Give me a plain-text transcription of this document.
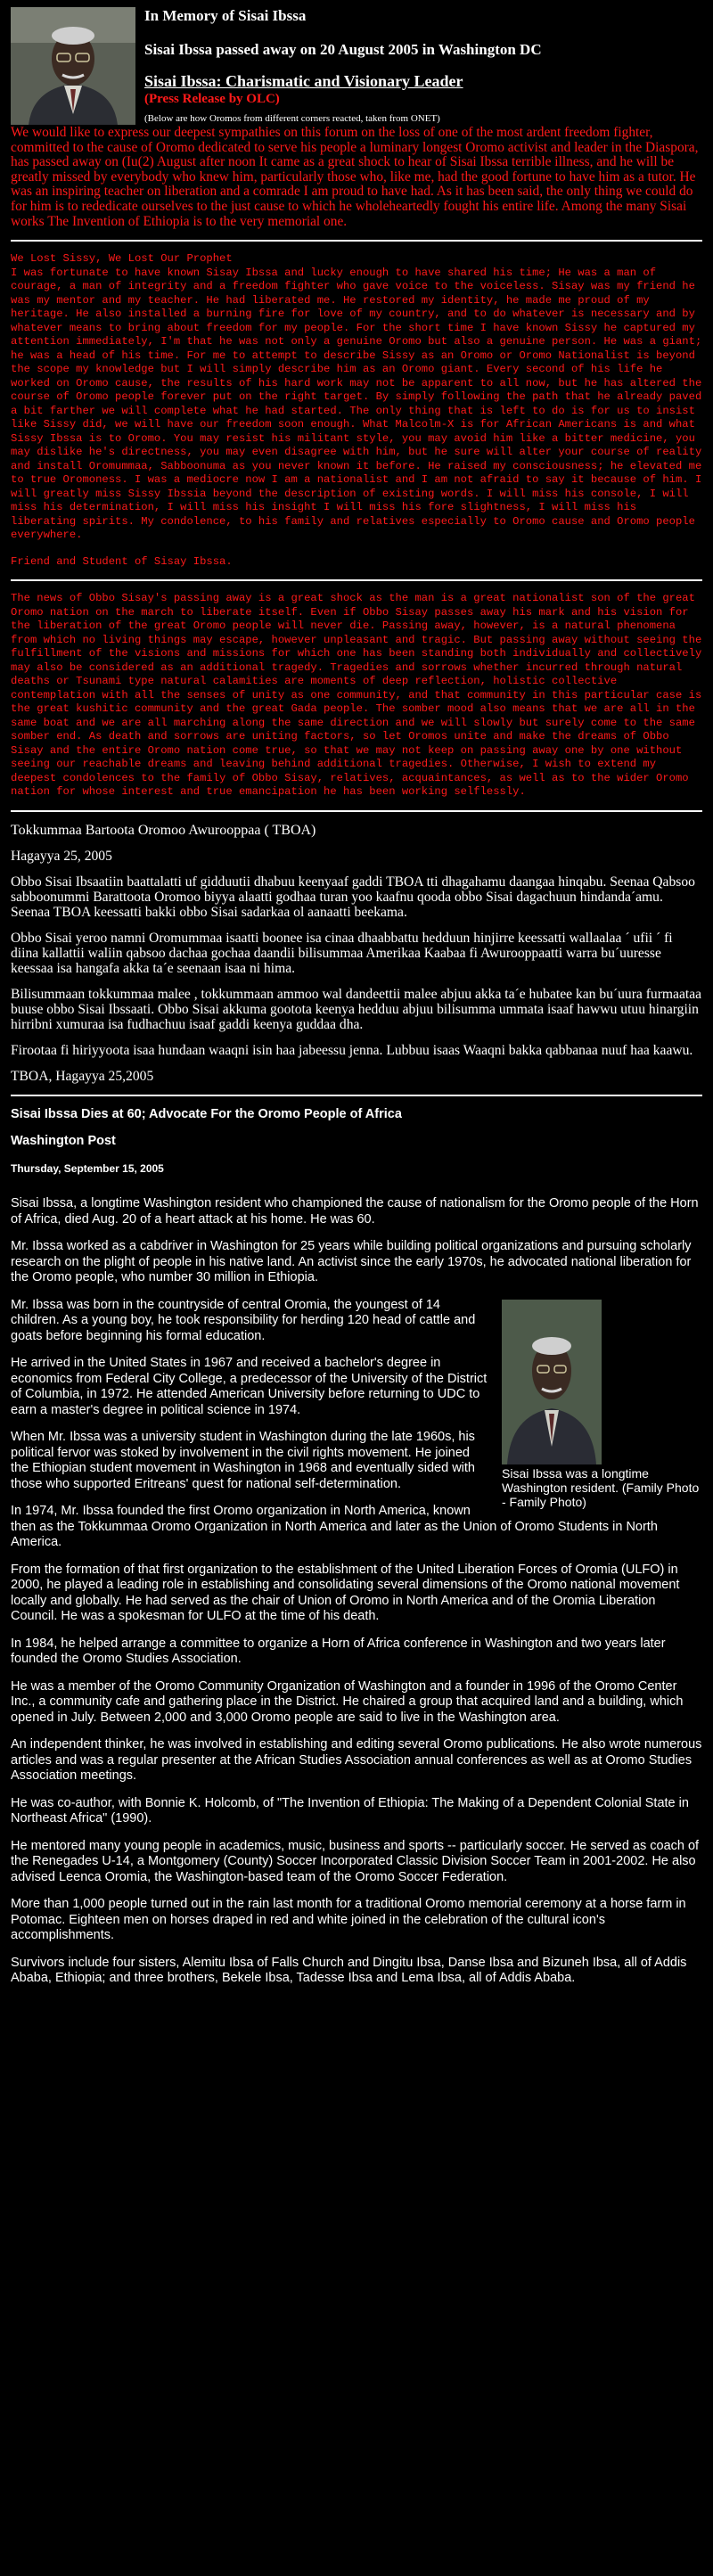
In Memory of Sisai Ibssa
Sisai Ibssa passed away on 20 August 2005 in Washington DC
Sisai Ibssa: Charismatic and Visionary Leader
(Press Release by OLC)
(Below are how Oromos from different corners reacted, taken from ONET)

We would like to express our deepest sympathies on this forum on the loss of one of the most ardent freedom fighter, committed to the cause of Oromo dedicated to serve his people a luminary longest Oromo activist and leader in the Diaspora, has passed away on (Iu(2) August after noon It came as a great shock to hear of Sisai Ibssa terrible illness, and he will be greatly missed by everybody who knew him, particularly those who, like me, had the good fortune to have him as a tutor. He was an inspiring teacher on liberation and a comrade I am proud to have had. As it has been said, the only thing we could do for him is to rededicate ourselves to the just cause to which he wholeheartedly fought his entire life. Among the many Sisai works The Invention of Ethiopia is to the very memorial one.

We Lost Sissy, We Lost Our Prophet

I was fortunate to have known Sisay Ibssa and lucky enough to have shared his time; He was a man of courage, a man of integrity and a freedom fighter who gave voice to the voiceless. Sisay was my friend he was my mentor and my teacher. He had liberated me. He restored my identity, he made me proud of my heritage. He also installed a burning fire for love of my country, and to do whatever is necessary and by whatever means to bring about freedom for my people. For the short time I have known Sissy he captured my attention immediately, I'm that he was not only a genuine Oromo but also a genuine person. He was a giant; he was a head of his time. For me to attempt to describe Sissy as an Oromo or Oromo Nationalist is beyond the scope my knowledge but I will simply describe him as an Oromo giant. Every second of his life he worked on Oromo cause, the results of his hard work may not be apparent to all now, but he has altered the course of Oromo people forever put on the right target. By simply following the path that he already paved a bit farther we will complete what he had started. The only thing that is left to do is for us to insist like Sissy did, we will have our freedom soon enough. What Malcolm-X is for African Americans is and what Sissy Ibssa is to Oromo. You may resist his militant style, you may avoid him like a bitter medicine, you may dislike he's directness, you may even disagree with him, but he sure will alter your course of reality and install Oromummaa, Sabboonuma as you never known it before. He raised my consciousness; he elevated me to true Oromoness. I was a mediocre now I am a nationalist and I am not afraid to say it because of him. I will greatly miss Sissy Ibssia beyond the description of existing words. I will miss his console, I will miss his determination, I will miss his insight I will miss his fore slightness, I will miss his liberating spirits. My condolence, to his family and relatives especially to Oromo cause and Oromo people everywhere.

Friend and Student of Sisay Ibssa.

The news of Obbo Sisay's passing away is a great shock as the man is a great nationalist son of the great Oromo nation on the march to liberate itself. Even if Obbo Sisay passes away his mark and his vision for the liberation of the great Oromo people will never die. Passing away, however, is a natural phenomena from which no living things may escape, however unpleasant and tragic. But passing away without seeing the fulfillment of the visions and missions for which one has been standing both individually and collectively may also be considered as an additional tragedy. Tragedies and sorrows whether incurred through natural deaths or Tsunami type natural calamities are moments of deep reflection, holistic collective contemplation with all the senses of unity as one community, and that community in this particular case is the great kushitic community and the great Gada people. The somber mood also means that we are all in the same boat and we are all marching along the same direction and we will slowly but surely come to the same somber end. As death and sorrows are uniting factors, so let Oromos unite and make the dreams of Obbo Sisay and the entire Oromo nation come true, so that we may not keep on passing away one by one without seeing our reachable dreams and leaving behind additional tragedies. Otherwise, I wish to extend my deepest condolences to the family of Obbo Sisay, relatives, acquaintances, as well as to the wider Oromo nation for whose interest and true emancipation he has been working selflessly.

Tokkummaa Bartoota Oromoo Awurooppaa ( TBOA)
Hagayya 25, 2005

Obbo Sisai Ibsaatiin baattalatti uf gidduutii dhabuu keenyaaf gaddi TBOA tti dhagahamu daangaa hinqabu. Seenaa Qabsoo sabboonummi Barattoota Oromoo biyya alaatti godhaa turan yoo kaafnu qooda obbo Sisai dagachuun hindanda´amu. Seenaa TBOA keessatti bakki obbo Sisai sadarkaa ol aanaatti beekama.

Obbo Sisai yeroo namni Oromummaa isaatti boonee isa cinaa dhaabbattu hedduun hinjirre keessatti wallaalaa ´ ufii ´ fi diina kallattii waliin qabsoo dachaa gochaa daandii bilisummaa Amerikaa Kaabaa fi Awurooppaatti warra bu´uuresse keessaa isa hangafa akka ta´e seenaan isaa ni hima.

Bilisummaan tokkummaa malee , tokkummaan ammoo wal dandeettii malee abjuu akka ta´e hubatee kan bu´uura furmaataa buuse obbo Sisai Ibssaati. Obbo Sisai akkuma gootota keenya hedduu abjuu bilisumma ummata isaaf hawwu utuu hinargiin hirribni xumuraa isa fudhachuu isaaf gaddi keenya guddaa dha.

Firootaa fi hiriyyoota isaa hundaan waaqni isin haa jabeessu jenna. Lubbuu isaas Waaqni bakka qabbanaa nuuf haa kaawu.

TBOA, Hagayya 25,2005

Sisai Ibssa Dies at 60; Advocate For the Oromo People of Africa

Washington Post

Thursday, September 15, 2005

Sisai Ibssa, a longtime Washington resident who championed the cause of nationalism for the Oromo people of the Horn of Africa, died Aug. 20 of a heart attack at his home. He was 60.

Mr. Ibssa worked as a cabdriver in Washington for 25 years while building political organizations and pursuing scholarly research on the plight of people in his native land. An activist since the early 1970s, he advocated national liberation for the Oromo people, who number 30 million in Ethiopia.

Sisai Ibssa was a longtime Washington resident. (Family Photo - Family Photo)

Mr. Ibssa was born in the countryside of central Oromia, the youngest of 14 children. As a young boy, he took responsibility for herding 120 head of cattle and goats before beginning his formal education.

He arrived in the United States in 1967 and received a bachelor's degree in economics from Federal City College, a predecessor of the University of the District of Columbia, in 1972. He attended American University before returning to UDC to earn a master's degree in political science in 1974.

When Mr. Ibssa was a university student in Washington during the late 1960s, his political fervor was stoked by involvement in the civil rights movement. He joined the Ethiopian student movement in Washington in 1968 and eventually sided with those who supported Eritreans' quest for national self-determination.

In 1974, Mr. Ibssa founded the first Oromo organization in North America, known then as the Tokkummaa Oromo Organization in North America and later as the Union of Oromo Students in North America.

From the formation of that first organization to the establishment of the United Liberation Forces of Oromia (ULFO) in 2000, he played a leading role in establishing and consolidating several dimensions of the Oromo national movement locally and globally. He had served as the chair of Union of Oromo in North America and of the Oromia Liberation Council. He was a spokesman for ULFO at the time of his death.

In 1984, he helped arrange a committee to organize a Horn of Africa conference in Washington and two years later founded the Oromo Studies Association.

He was a member of the Oromo Community Organization of Washington and a founder in 1996 of the Oromo Center Inc., a community cafe and gathering place in the District. He chaired a group that acquired land and a building, which opened in July. Between 2,000 and 3,000 Oromo people are said to live in the Washington area.

An independent thinker, he was involved in establishing and editing several Oromo publications. He also wrote numerous articles and was a regular presenter at the African Studies Association annual conferences as well as at Oromo Studies Association meetings.

He was co-author, with Bonnie K. Holcomb, of "The Invention of Ethiopia: The Making of a Dependent Colonial State in Northeast Africa" (1990).

He mentored many young people in academics, music, business and sports -- particularly soccer. He served as coach of the Renegades U-14, a Montgomery (County) Soccer Incorporated Classic Division Soccer Team in 2001-2002. He also advised Leenca Oromia, the Washington-based team of the Oromo Soccer Federation.

More than 1,000 people turned out in the rain last month for a traditional Oromo memorial ceremony at a horse farm in Potomac. Eighteen men on horses draped in red and white joined in the celebration of the cultural icon's accomplishments.

Survivors include four sisters, Alemitu Ibsa of Falls Church and Dingitu Ibsa, Danse Ibsa and Bizuneh Ibsa, all of Addis Ababa, Ethiopia; and three brothers, Bekele Ibsa, Tadesse Ibsa and Lema Ibsa, all of Addis Ababa.
